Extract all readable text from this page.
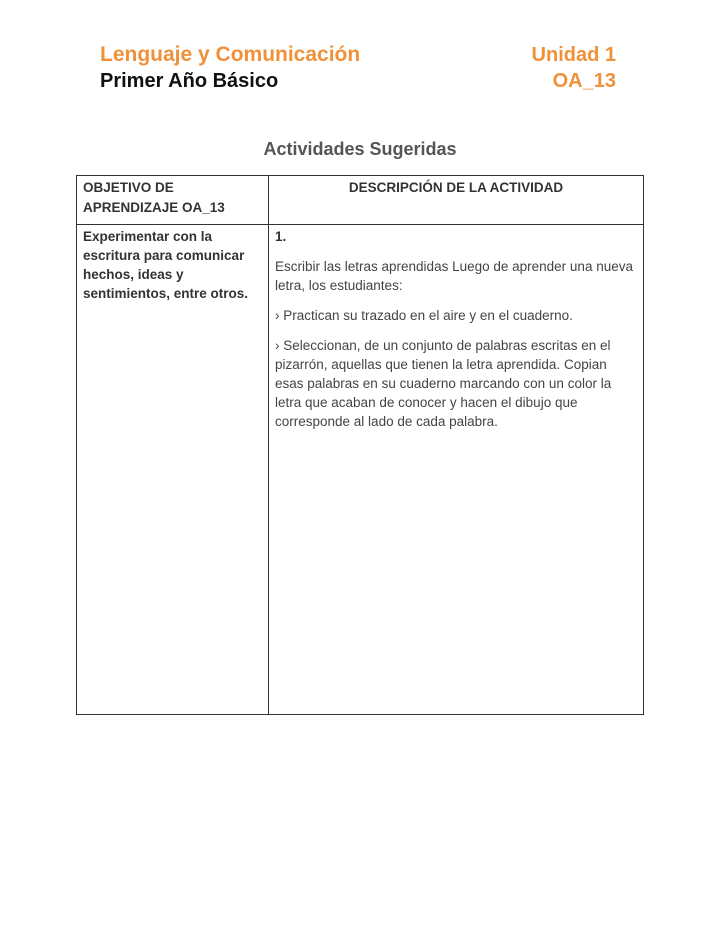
Lenguaje y Comunicación
Primer Año Básico
Unidad 1
OA_13
Actividades Sugeridas
OBJETIVO DE APRENDIZAJE OA_13	DESCRIPCIÓN DE LA ACTIVIDAD
Experimentar con la escritura para comunicar hechos, ideas y sentimientos, entre otros.	1.

Escribir las letras aprendidas Luego de aprender una nueva letra, los estudiantes:

› Practican su trazado en el aire y en el cuaderno.

› Seleccionan, de un conjunto de palabras escritas en el pizarrón, aquellas que tienen la letra aprendida. Copian esas palabras en su cuaderno marcando con un color la letra que acaban de conocer y hacen el dibujo que corresponde al lado de cada palabra.
